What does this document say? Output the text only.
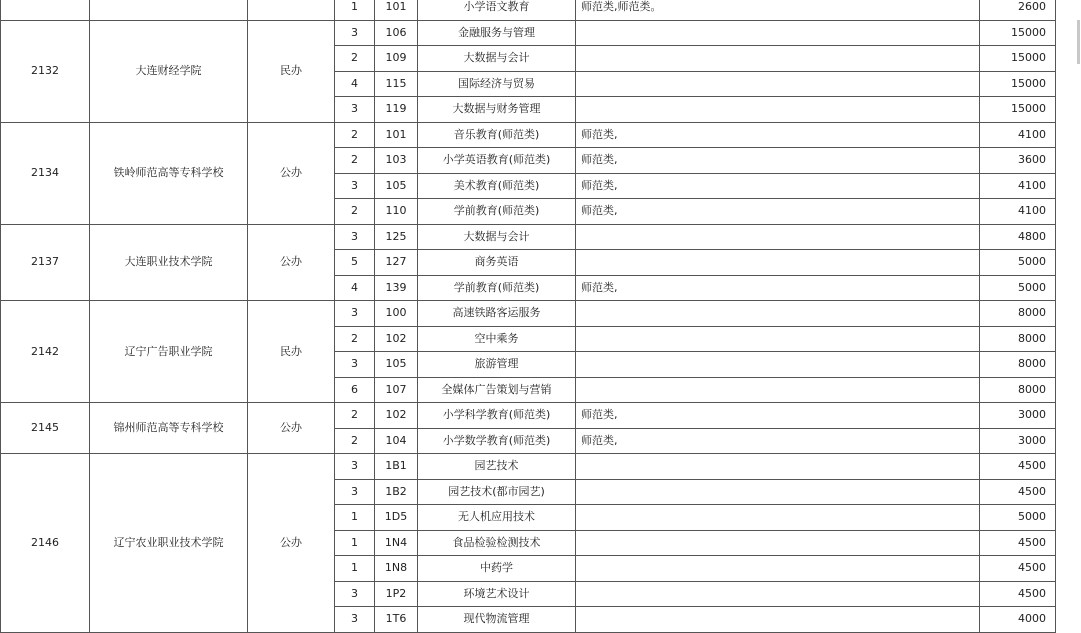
			1	101	小学语文教育	师范类,师范类。	2600
2132	大连财经学院	民办	3	106	金融服务与管理		15000
			2	109	大数据与会计		15000
			4	115	国际经济与贸易		15000
			3	119	大数据与财务管理		15000
2134	铁岭师范高等专科学校	公办	2	101	音乐教育(师范类)	师范类,	4100
			2	103	小学英语教育(师范类)	师范类,	3600
			3	105	美术教育(师范类)	师范类,	4100
			2	110	学前教育(师范类)	师范类,	4100
2137	大连职业技术学院	公办	3	125	大数据与会计		4800
			5	127	商务英语		5000
			4	139	学前教育(师范类)	师范类,	5000
2142	辽宁广告职业学院	民办	3	100	高速铁路客运服务		8000
			2	102	空中乘务		8000
			3	105	旅游管理		8000
			6	107	全媒体广告策划与营销		8000
2145	锦州师范高等专科学校	公办	2	102	小学科学教育(师范类)	师范类,	3000
			2	104	小学数学教育(师范类)	师范类,	3000
2146	辽宁农业职业技术学院	公办	3	1B1	园艺技术		4500
			3	1B2	园艺技术(都市园艺)		4500
			1	1D5	无人机应用技术		5000
			1	1N4	食品检验检测技术		4500
			1	1N8	中药学		4500
			3	1P2	环境艺术设计		4500
			3	1T6	现代物流管理		4000
